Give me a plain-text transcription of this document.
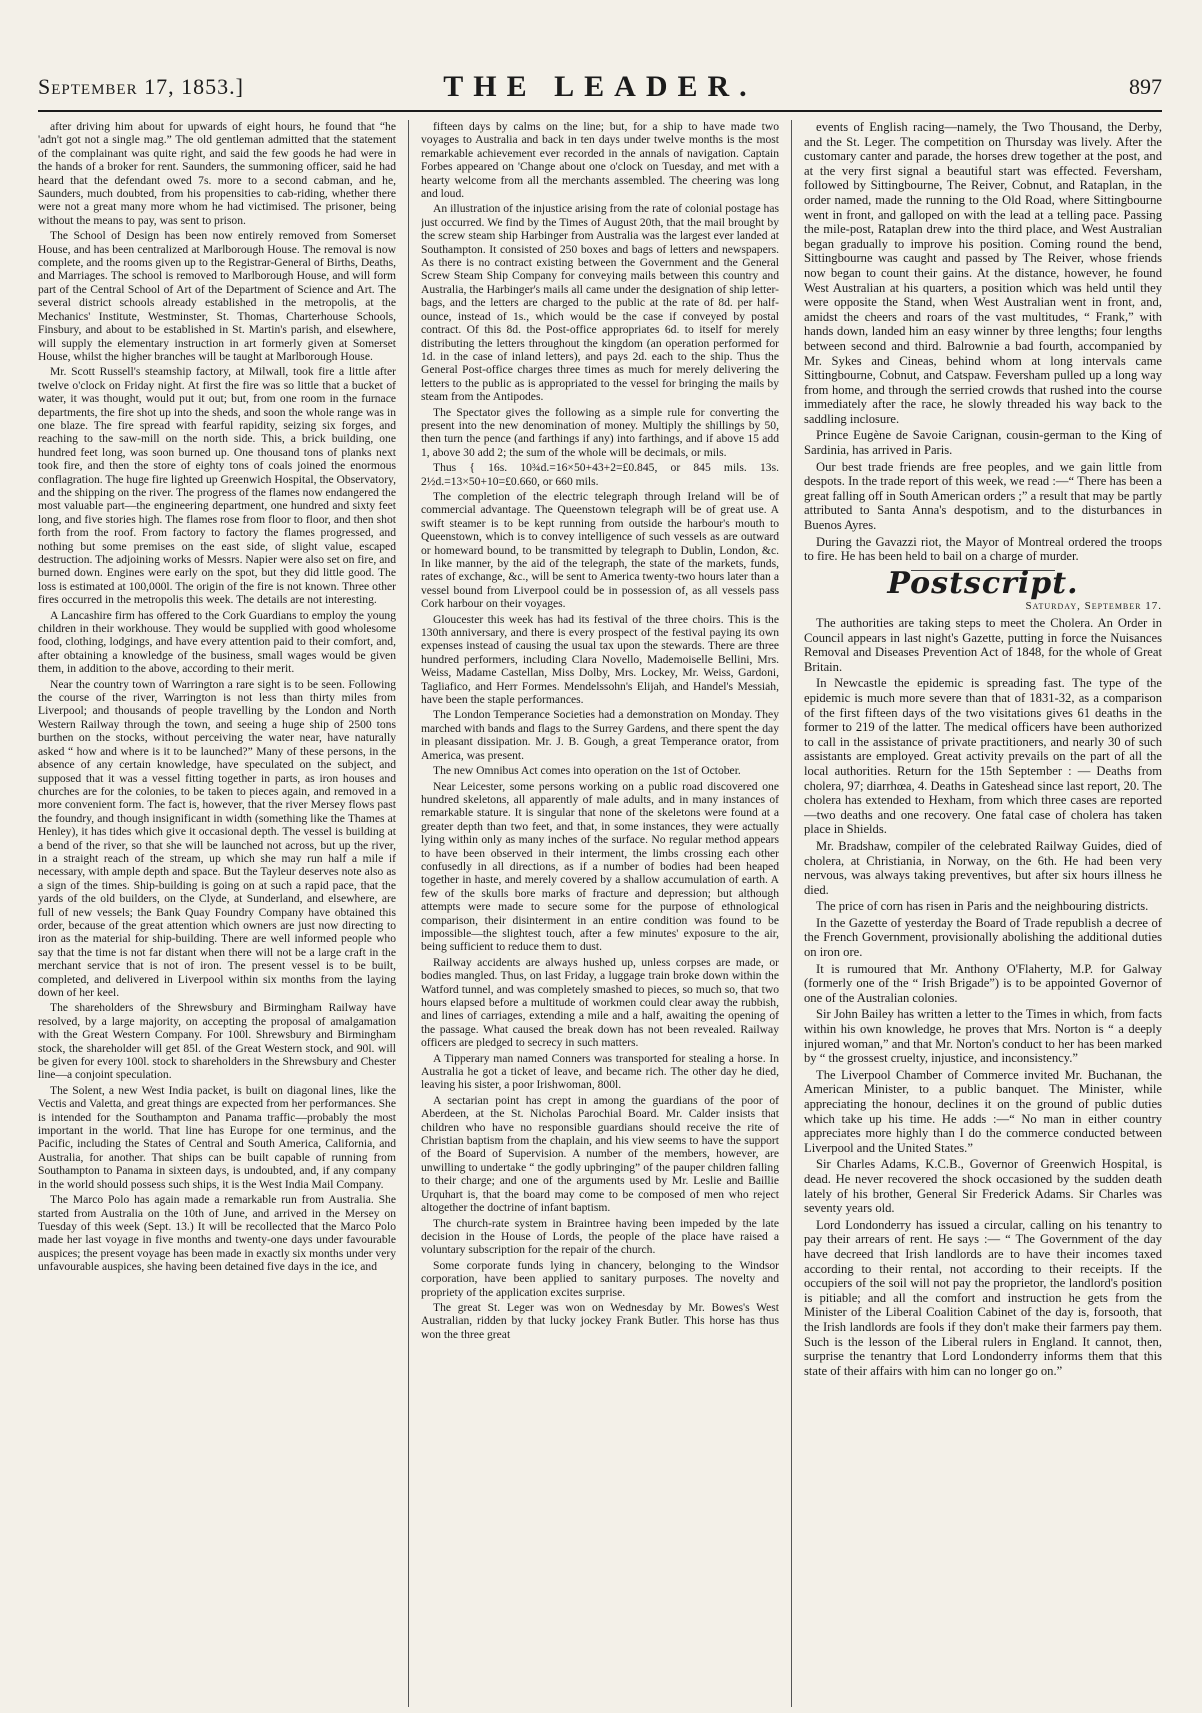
September 17, 1853.]	THE LEADER.	897

after driving him about for upwards of eight hours, he found that “he 'adn't got not a single mag.” The old gentleman admitted that the statement of the complainant was quite right, and said the few goods he had were in the hands of a broker for rent. Saunders, the summoning officer, said he had heard that the defendant owed 7s. more to a second cabman, and he, Saunders, much doubted, from his propensities to cab-riding, whether there were not a great many more whom he had victimised. The prisoner, being without the means to pay, was sent to prison.

The School of Design has been now entirely removed from Somerset House, and has been centralized at Marlborough House. The removal is now complete, and the rooms given up to the Registrar-General of Births, Deaths, and Marriages. The school is removed to Marlborough House, and will form part of the Central School of Art of the Department of Science and Art. The several district schools already established in the metropolis, at the Mechanics' Institute, Westminster, St. Thomas, Charterhouse Schools, Finsbury, and about to be established in St. Martin's parish, and elsewhere, will supply the elementary instruction in art formerly given at Somerset House, whilst the higher branches will be taught at Marlborough House.

Mr. Scott Russell's steamship factory, at Milwall, took fire a little after twelve o'clock on Friday night. At first the fire was so little that a bucket of water, it was thought, would put it out; but, from one room in the furnace departments, the fire shot up into the sheds, and soon the whole range was in one blaze. The fire spread with fearful rapidity, seizing six forges, and reaching to the saw-mill on the north side. This, a brick building, one hundred feet long, was soon burned up. One thousand tons of planks next took fire, and then the store of eighty tons of coals joined the enormous conflagration. The huge fire lighted up Greenwich Hospital, the Observatory, and the shipping on the river. The progress of the flames now endangered the most valuable part—the engineering department, one hundred and sixty feet long, and five stories high. The flames rose from floor to floor, and then shot forth from the roof. From factory to factory the flames progressed, and nothing but some premises on the east side, of slight value, escaped destruction. The adjoining works of Messrs. Napier were also set on fire, and burned down. Engines were early on the spot, but they did little good. The loss is estimated at 100,000l. The origin of the fire is not known. Three other fires occurred in the metropolis this week. The details are not interesting.

A Lancashire firm has offered to the Cork Guardians to employ the young children in their workhouse. They would be supplied with good wholesome food, clothing, lodgings, and have every attention paid to their comfort, and, after obtaining a knowledge of the business, small wages would be given them, in addition to the above, according to their merit.

Near the country town of Warrington a rare sight is to be seen. Following the course of the river, Warrington is not less than thirty miles from Liverpool; and thousands of people travelling by the London and North Western Railway through the town, and seeing a huge ship of 2500 tons burthen on the stocks, without perceiving the water near, have naturally asked “ how and where is it to be launched?” Many of these persons, in the absence of any certain knowledge, have speculated on the subject, and supposed that it was a vessel fitting together in parts, as iron houses and churches are for the colonies, to be taken to pieces again, and removed in a more convenient form. The fact is, however, that the river Mersey flows past the foundry, and though insignificant in width (something like the Thames at Henley), it has tides which give it occasional depth. The vessel is building at a bend of the river, so that she will be launched not across, but up the river, in a straight reach of the stream, up which she may run half a mile if necessary, with ample depth and space. But the Tayleur deserves note also as a sign of the times. Ship-building is going on at such a rapid pace, that the yards of the old builders, on the Clyde, at Sunderland, and elsewhere, are full of new vessels; the Bank Quay Foundry Company have obtained this order, because of the great attention which owners are just now directing to iron as the material for ship-building. There are well informed people who say that the time is not far distant when there will not be a large craft in the merchant service that is not of iron. The present vessel is to be built, completed, and delivered in Liverpool within six months from the laying down of her keel.

The shareholders of the Shrewsbury and Birmingham Railway have resolved, by a large majority, on accepting the proposal of amalgamation with the Great Western Company. For 100l. Shrewsbury and Birmingham stock, the shareholder will get 85l. of the Great Western stock, and 90l. will be given for every 100l. stock to shareholders in the Shrewsbury and Chester line—a conjoint speculation.

The Solent, a new West India packet, is built on diagonal lines, like the Vectis and Valetta, and great things are expected from her performances. She is intended for the Southampton and Panama traffic—probably the most important in the world. That line has Europe for one terminus, and the Pacific, including the States of Central and South America, California, and Australia, for another. That ships can be built capable of running from Southampton to Panama in sixteen days, is undoubted, and, if any company in the world should possess such ships, it is the West India Mail Company.

The Marco Polo has again made a remarkable run from Australia. She started from Australia on the 10th of June, and arrived in the Mersey on Tuesday of this week (Sept. 13.) It will be recollected that the Marco Polo made her last voyage in five months and twenty-one days under favourable auspices; the present voyage has been made in exactly six months under very unfavourable auspices, she having been detained five days in the ice, and

fifteen days by calms on the line; but, for a ship to have made two voyages to Australia and back in ten days under twelve months is the most remarkable achievement ever recorded in the annals of navigation. Captain Forbes appeared on 'Change about one o'clock on Tuesday, and met with a hearty welcome from all the merchants assembled. The cheering was long and loud.

An illustration of the injustice arising from the rate of colonial postage has just occurred. We find by the Times of August 20th, that the mail brought by the screw steam ship Harbinger from Australia was the largest ever landed at Southampton. It consisted of 250 boxes and bags of letters and newspapers. As there is no contract existing between the Government and the General Screw Steam Ship Company for conveying mails between this country and Australia, the Harbinger's mails all came under the designation of ship letter-bags, and the letters are charged to the public at the rate of 8d. per half-ounce, instead of 1s., which would be the case if conveyed by postal contract. Of this 8d. the Post-office appropriates 6d. to itself for merely distributing the letters throughout the kingdom (an operation performed for 1d. in the case of inland letters), and pays 2d. each to the ship. Thus the General Post-office charges three times as much for merely delivering the letters to the public as is appropriated to the vessel for bringing the mails by steam from the Antipodes.

The Spectator gives the following as a simple rule for converting the present into the new denomination of money. Multiply the shillings by 50, then turn the pence (and farthings if any) into farthings, and if above 15 add 1, above 30 add 2; the sum of the whole will be decimals, or mils.

Thus { 16s. 10¾d.=16×50+43+2=£0.845, or 845 mils. 13s. 2½d.=13×50+10=£0.660, or 660 mils.

The completion of the electric telegraph through Ireland will be of commercial advantage. The Queenstown telegraph will be of great use. A swift steamer is to be kept running from outside the harbour's mouth to Queenstown, which is to convey intelligence of such vessels as are outward or homeward bound, to be transmitted by telegraph to Dublin, London, &c. In like manner, by the aid of the telegraph, the state of the markets, funds, rates of exchange, &c., will be sent to America twenty-two hours later than a vessel bound from Liverpool could be in possession of, as all vessels pass Cork harbour on their voyages.

Gloucester this week has had its festival of the three choirs. This is the 130th anniversary, and there is every prospect of the festival paying its own expenses instead of causing the usual tax upon the stewards. There are three hundred performers, including Clara Novello, Mademoiselle Bellini, Mrs. Weiss, Madame Castellan, Miss Dolby, Mrs. Lockey, Mr. Weiss, Gardoni, Tagliafico, and Herr Formes. Mendelssohn's Elijah, and Handel's Messiah, have been the staple performances.

The London Temperance Societies had a demonstration on Monday. They marched with bands and flags to the Surrey Gardens, and there spent the day in pleasant dissipation. Mr. J. B. Gough, a great Temperance orator, from America, was present.

The new Omnibus Act comes into operation on the 1st of October.

Near Leicester, some persons working on a public road discovered one hundred skeletons, all apparently of male adults, and in many instances of remarkable stature. It is singular that none of the skeletons were found at a greater depth than two feet, and that, in some instances, they were actually lying within only as many inches of the surface. No regular method appears to have been observed in their interment, the limbs crossing each other confusedly in all directions, as if a number of bodies had been heaped together in haste, and merely covered by a shallow accumulation of earth. A few of the skulls bore marks of fracture and depression; but although attempts were made to secure some for the purpose of ethnological comparison, their disinterment in an entire condition was found to be impossible—the slightest touch, after a few minutes' exposure to the air, being sufficient to reduce them to dust.

Railway accidents are always hushed up, unless corpses are made, or bodies mangled. Thus, on last Friday, a luggage train broke down within the Watford tunnel, and was completely smashed to pieces, so much so, that two hours elapsed before a multitude of workmen could clear away the rubbish, and lines of carriages, extending a mile and a half, awaiting the opening of the passage. What caused the break down has not been revealed. Railway officers are pledged to secrecy in such matters.

A Tipperary man named Conners was transported for stealing a horse. In Australia he got a ticket of leave, and became rich. The other day he died, leaving his sister, a poor Irishwoman, 800l.

A sectarian point has crept in among the guardians of the poor of Aberdeen, at the St. Nicholas Parochial Board. Mr. Calder insists that children who have no responsible guardians should receive the rite of Christian baptism from the chaplain, and his view seems to have the support of the Board of Supervision. A number of the members, however, are unwilling to undertake “ the godly upbringing” of the pauper children falling to their charge; and one of the arguments used by Mr. Leslie and Baillie Urquhart is, that the board may come to be composed of men who reject altogether the doctrine of infant baptism.

The church-rate system in Braintree having been impeded by the late decision in the House of Lords, the people of the place have raised a voluntary subscription for the repair of the church.

Some corporate funds lying in chancery, belonging to the Windsor corporation, have been applied to sanitary purposes. The novelty and propriety of the application excites surprise.

The great St. Leger was won on Wednesday by Mr. Bowes's West Australian, ridden by that lucky jockey Frank Butler. This horse has thus won the three great

events of English racing—namely, the Two Thousand, the Derby, and the St. Leger. The competition on Thursday was lively. After the customary canter and parade, the horses drew together at the post, and at the very first signal a beautiful start was effected. Feversham, followed by Sittingbourne, The Reiver, Cobnut, and Rataplan, in the order named, made the running to the Old Road, where Sittingbourne went in front, and galloped on with the lead at a telling pace. Passing the mile-post, Rataplan drew into the third place, and West Australian began gradually to improve his position. Coming round the bend, Sittingbourne was caught and passed by The Reiver, whose friends now began to count their gains. At the distance, however, he found West Australian at his quarters, a position which was held until they were opposite the Stand, when West Australian went in front, and, amidst the cheers and roars of the vast multitudes, “ Frank,” with hands down, landed him an easy winner by three lengths; four lengths between second and third. Balrownie a bad fourth, accompanied by Mr. Sykes and Cineas, behind whom at long intervals came Sittingbourne, Cobnut, and Catspaw. Feversham pulled up a long way from home, and through the serried crowds that rushed into the course immediately after the race, he slowly threaded his way back to the saddling inclosure.

Prince Eugène de Savoie Carignan, cousin-german to the King of Sardinia, has arrived in Paris.

Our best trade friends are free peoples, and we gain little from despots. In the trade report of this week, we read :—“ There has been a great falling off in South American orders ;” a result that may be partly attributed to Santa Anna's despotism, and to the disturbances in Buenos Ayres.

During the Gavazzi riot, the Mayor of Montreal ordered the troops to fire. He has been held to bail on a charge of murder.

Postscript.
Saturday, September 17.

The authorities are taking steps to meet the Cholera. An Order in Council appears in last night's Gazette, putting in force the Nuisances Removal and Diseases Prevention Act of 1848, for the whole of Great Britain.

In Newcastle the epidemic is spreading fast. The type of the epidemic is much more severe than that of 1831-32, as a comparison of the first fifteen days of the two visitations gives 61 deaths in the former to 219 of the latter. The medical officers have been authorized to call in the assistance of private practitioners, and nearly 30 of such assistants are employed. Great activity prevails on the part of all the local authorities. Return for the 15th September : — Deaths from cholera, 97; diarrhœa, 4. Deaths in Gateshead since last report, 20. The cholera has extended to Hexham, from which three cases are reported—two deaths and one recovery. One fatal case of cholera has taken place in Shields.

Mr. Bradshaw, compiler of the celebrated Railway Guides, died of cholera, at Christiania, in Norway, on the 6th. He had been very nervous, was always taking preventives, but after six hours illness he died.

The price of corn has risen in Paris and the neighbouring districts.

In the Gazette of yesterday the Board of Trade republish a decree of the French Government, provisionally abolishing the additional duties on iron ore.

It is rumoured that Mr. Anthony O'Flaherty, M.P. for Galway (formerly one of the “ Irish Brigade”) is to be appointed Governor of one of the Australian colonies.

Sir John Bailey has written a letter to the Times in which, from facts within his own knowledge, he proves that Mrs. Norton is “ a deeply injured woman,” and that Mr. Norton's conduct to her has been marked by “ the grossest cruelty, injustice, and inconsistency.”

The Liverpool Chamber of Commerce invited Mr. Buchanan, the American Minister, to a public banquet. The Minister, while appreciating the honour, declines it on the ground of public duties which take up his time. He adds :—“ No man in either country appreciates more highly than I do the commerce conducted between Liverpool and the United States.”

Sir Charles Adams, K.C.B., Governor of Greenwich Hospital, is dead. He never recovered the shock occasioned by the sudden death lately of his brother, General Sir Frederick Adams. Sir Charles was seventy years old.

Lord Londonderry has issued a circular, calling on his tenantry to pay their arrears of rent. He says :— “ The Government of the day have decreed that Irish landlords are to have their incomes taxed according to their rental, not according to their receipts. If the occupiers of the soil will not pay the proprietor, the landlord's position is pitiable; and all the comfort and instruction he gets from the Minister of the Liberal Coalition Cabinet of the day is, forsooth, that the Irish landlords are fools if they don't make their farmers pay them. Such is the lesson of the Liberal rulers in England. It cannot, then, surprise the tenantry that Lord Londonderry informs them that this state of their affairs with him can no longer go on.”
